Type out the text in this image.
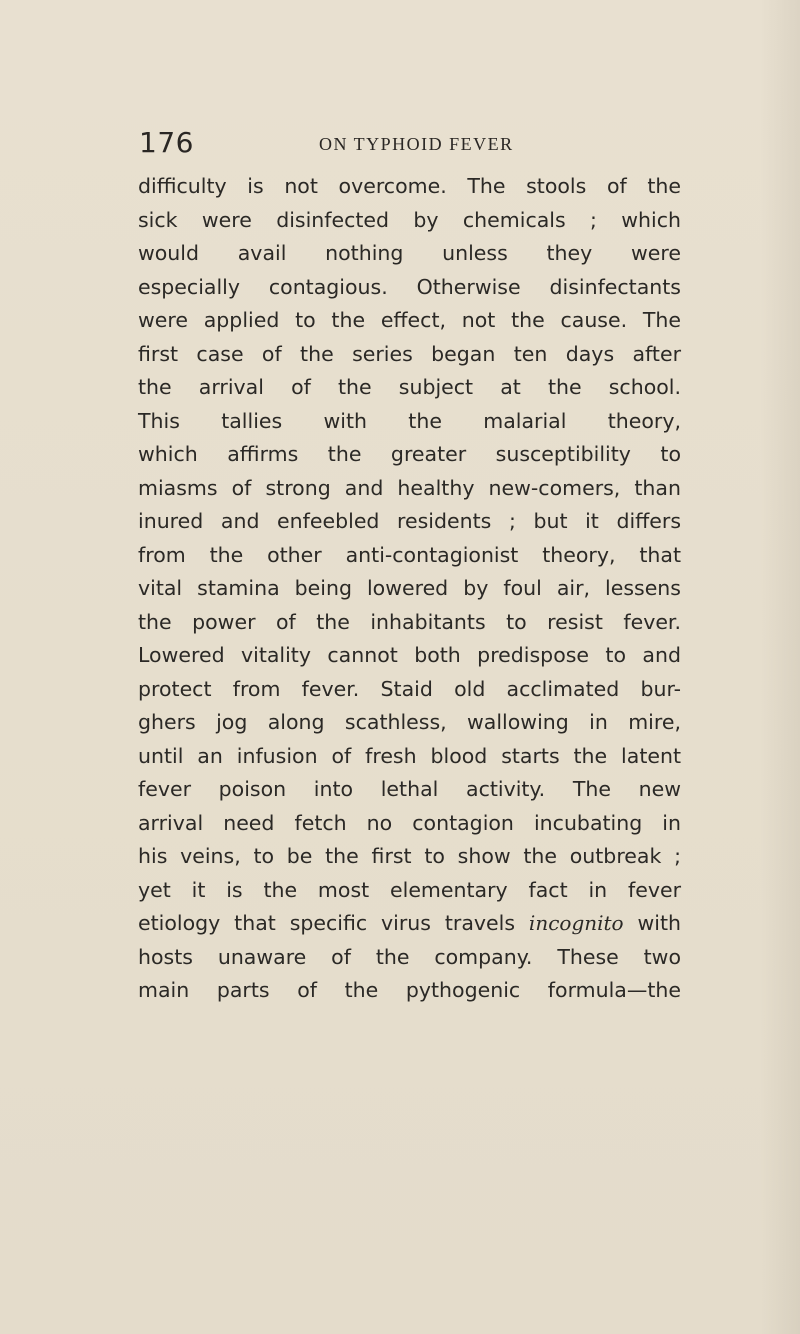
176	ON TYPHOID FEVER
difficulty is not overcome. The stools of the
sick were disinfected by chemicals ; which
would avail nothing unless they were
especially contagious. Otherwise disinfectants
were applied to the effect, not the cause. The
first case of the series began ten days after
the arrival of the subject at the school.
This tallies with the malarial theory,
which affirms the greater susceptibility to
miasms of strong and healthy new-comers, than
inured and enfeebled residents ; but it differs
from the other anti-contagionist theory, that
vital stamina being lowered by foul air, lessens
the power of the inhabitants to resist fever.
Lowered vitality cannot both predispose to and
protect from fever. Staid old acclimated bur-
ghers jog along scathless, wallowing in mire,
until an infusion of fresh blood starts the latent
fever poison into lethal activity. The new
arrival need fetch no contagion incubating in
his veins, to be the first to show the outbreak ;
yet it is the most elementary fact in fever
etiology that specific virus travels incognito with
hosts unaware of the company. These two
main parts of the pythogenic formula—the
